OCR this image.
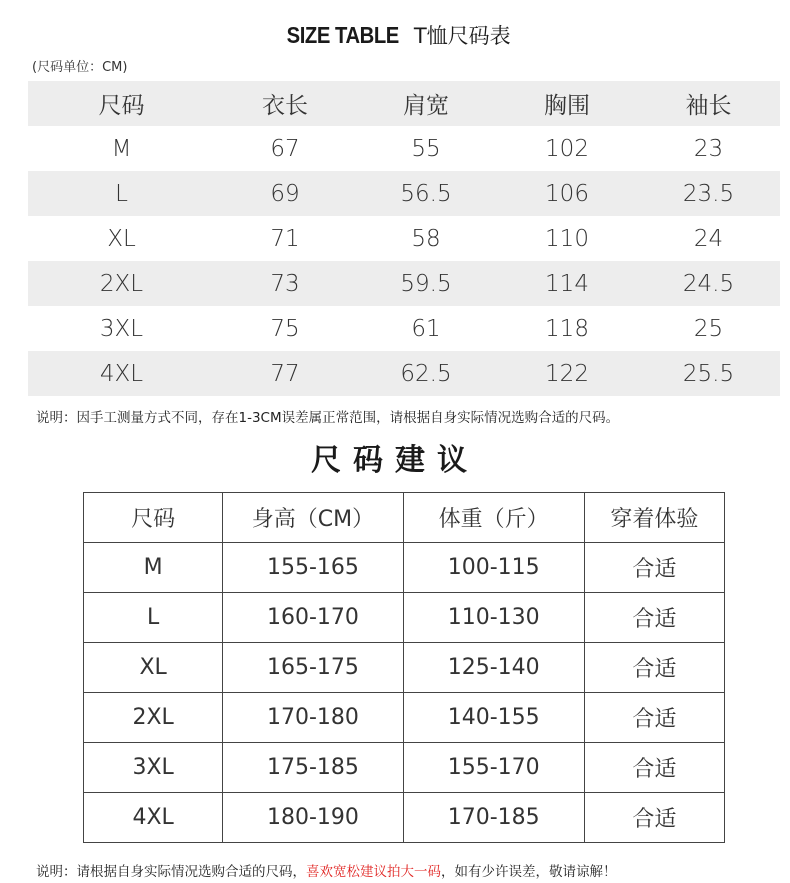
SIZE TABLE T恤尺码表
(尺码单位：CM)
尺码	衣长	肩宽	胸围	袖长
M	67	55	102	23
L	69	56.5	106	23.5
XL	71	58	110	24
2XL	73	59.5	114	24.5
3XL	75	61	118	25
4XL	77	62.5	122	25.5
说明：因手工测量方式不同，存在1-3CM误差属正常范围，请根据自身实际情况选购合适的尺码。
尺码建议
尺码	身高（CM）	体重（斤）	穿着体验
M	155-165	100-115	合适
L	160-170	110-130	合适
XL	165-175	125-140	合适
2XL	170-180	140-155	合适
3XL	175-185	155-170	合适
4XL	180-190	170-185	合适
说明：请根据自身实际情况选购合适的尺码，喜欢宽松建议拍大一码，如有少许误差，敬请谅解！
